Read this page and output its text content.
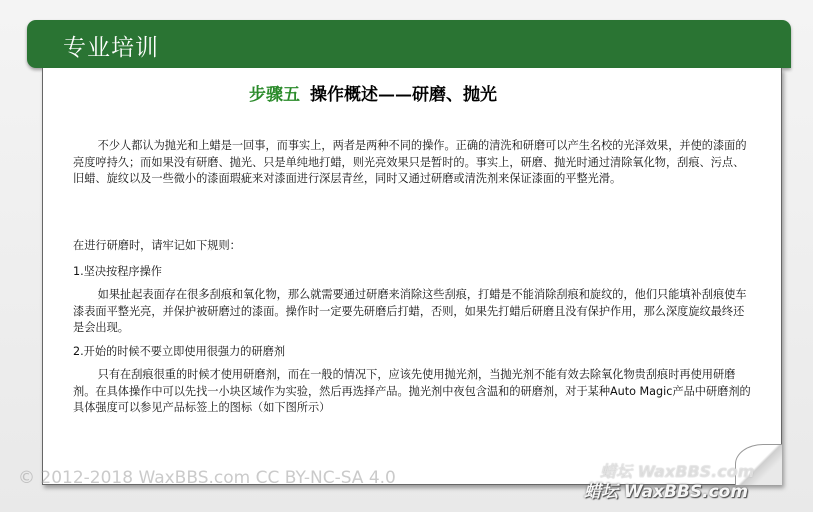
专业培训
步骤五 操作概述——研磨、抛光
不少人都认为抛光和上蜡是一回事，而事实上，两者是两种不同的操作。正确的清洗和研磨可以产生名校的光泽效果，并使的漆面的亮度哼持久；而如果没有研磨、抛光、只是单纯地打蜡，则光亮效果只是暂时的。事实上，研磨、抛光时通过清除氧化物，刮痕、污点、旧蜡、旋纹以及一些微小的漆面瑕疵来对漆面进行深层青丝，同时又通过研磨或清洗剂来保证漆面的平整光滑。
在进行研磨时，请牢记如下规则：
1.坚决按程序操作
如果扯起表面存在很多刮痕和氧化物，那么就需要通过研磨来消除这些刮痕，打蜡是不能消除刮痕和旋纹的，他们只能填补刮痕使车漆表面平整光亮，并保护被研磨过的漆面。操作时一定要先研磨后打蜡，否则，如果先打蜡后研磨且没有保护作用，那么深度旋纹最终还是会出现。
2.开始的时候不要立即使用很强力的研磨剂
只有在刮痕很重的时候才使用研磨剂，而在一般的情况下，应该先使用抛光剂，当抛光剂不能有效去除氧化物贵刮痕时再使用研磨剂。在具体操作中可以先找一小块区域作为实验，然后再选择产品。抛光剂中夜包含温和的研磨剂，对于某种Auto Magic产品中研磨剂的具体强度可以参见产品标签上的图标（如下图所示）
© 2012-2018 WaxBBS.com CC BY-NC-SA 4.0	蜡坛 WaxBBS.com
蜡坛 WaxBBS.com
